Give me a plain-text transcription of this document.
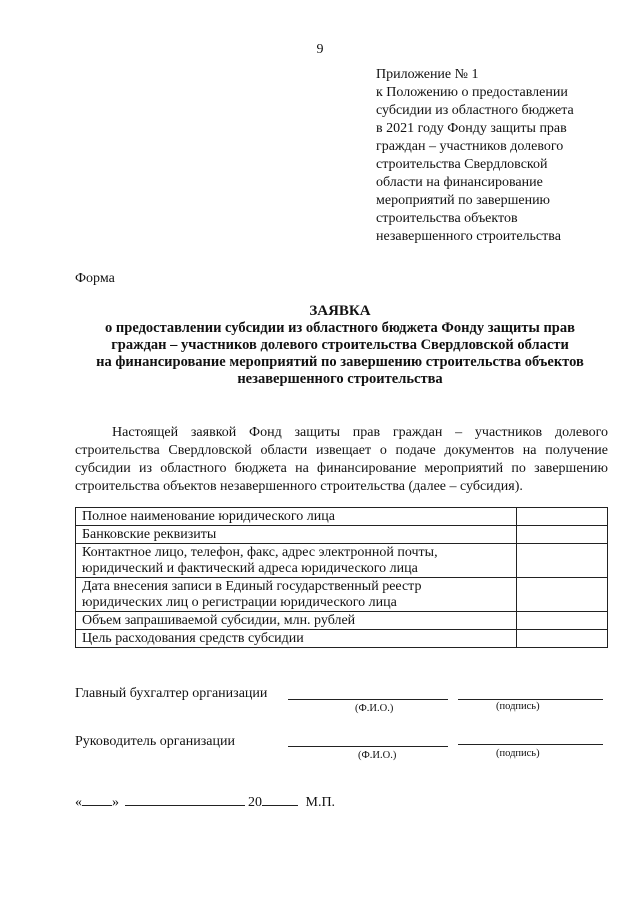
9
Приложение № 1
к Положению о предоставлении
субсидии из областного бюджета
в 2021 году Фонду защиты прав
граждан – участников долевого
строительства Свердловской
области на финансирование
мероприятий по завершению
строительства объектов
незавершенного строительства
Форма
ЗАЯВКА
о предоставлении субсидии из областного бюджета Фонду защиты прав
граждан – участников долевого строительства Свердловской области
на финансирование мероприятий по завершению строительства объектов
незавершенного строительства
Настоящей заявкой Фонд защиты прав граждан – участников долевого
строительства Свердловской области извещает о подаче документов на получение
субсидии из областного бюджета на финансирование мероприятий по завершению
строительства объектов незавершенного строительства (далее – субсидия).
Полное наименование юридического лица	

Банковские реквизиты	

Контактное лицо, телефон, факс, адрес электронной почты,
юридический и фактический адреса юридического лица	

Дата внесения записи в Единый государственный реестр
юридических лиц о регистрации юридического лица	

Объем запрашиваемой субсидии, млн. рублей	

Цель расходования средств субсидии	

Главный бухгалтер организации
(Ф.И.О.)	(подпись)
Руководитель организации
(Ф.И.О.)	(подпись)
« »	20	М.П.
